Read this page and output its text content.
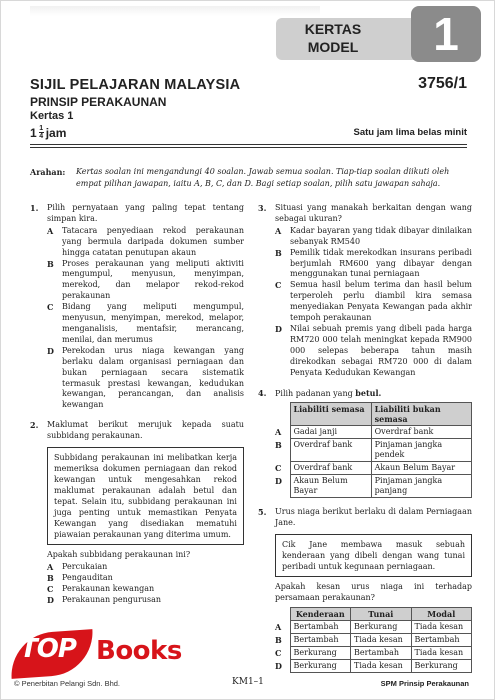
KERTAS
MODEL	1
SIJIL PELAJARAN MALAYSIA	3756/1
PRINSIP PERAKAUNAN
Kertas 1
$1 \frac{1}{4}$ jam	Satu jam lima belas minit
Arahan: Kertas soalan ini mengandungi 40 soalan. Jawab semua soalan. Tiap-tiap soalan diikuti oleh empat pilihan jawapan, iaitu A, B, C, dan D. Bagi setiap soalan, pilih satu jawapan sahaja.
1. Pilih pernyataan yang paling tepat tentang simpan kira.
A Tatacara penyediaan rekod perakaunan yang bermula daripada dokumen sumber hingga catatan penutupan akaun
B Proses perakaunan yang meliputi aktiviti mengumpul, menyusun, menyimpan, merekod, dan melapor rekod-rekod perakaunan
C Bidang yang meliputi mengumpul, menyusun, menyimpan, merekod, melapor, menganalisis, mentafsir, merancang, menilai, dan merumus
D Perekodan urus niaga kewangan yang berlaku dalam organisasi perniagaan dan bukan perniagaan secara sistematik termasuk prestasi kewangan, kedudukan kewangan, perancangan, dan analisis kewangan
2. Maklumat berikut merujuk kepada suatu subbidang perakaunan.
Subbidang perakaunan ini melibatkan kerja memeriksa dokumen perniagaan dan rekod kewangan untuk mengesahkan rekod maklumat perakaunan adalah betul dan tepat. Selain itu, subbidang perakaunan ini juga penting untuk memastikan Penyata Kewangan yang disediakan mematuhi piawaian perakaunan yang diterima umum.
Apakah subbidang perakaunan ini?
A Percukaian
B Pengauditan
C Perakaunan kewangan
D Perakaunan pengurusan
3. Situasi yang manakah berkaitan dengan wang sebagai ukuran?
A Kadar bayaran yang tidak dibayar dinilaikan sebanyak RM540
B Pemilik tidak merekodkan insurans peribadi berjumlah RM600 yang dibayar dengan menggunakan tunai perniagaan
C Semua hasil belum terima dan hasil belum terperoleh perlu diambil kira semasa menyediakan Penyata Kewangan pada akhir tempoh perakaunan
D Nilai sebuah premis yang dibeli pada harga RM720 000 telah meningkat kepada RM900 000 selepas beberapa tahun masih direkodkan sebagai RM720 000 di dalam Penyata Kedudukan Kewangan
4. Pilih padanan yang betul.
	Liabiliti semasa	Liabiliti bukan semasa
A	Gadai janji	Overdraf bank
B	Overdraf bank	Pinjaman jangka pendek
C	Overdraf bank	Akaun Belum Bayar
D	Akaun Belum Bayar	Pinjaman jangka panjang
5. Urus niaga berikut berlaku di dalam Perniagaan Jane.
Cik Jane membawa masuk sebuah kenderaan yang dibeli dengan wang tunai peribadi untuk kegunaan perniagaan.
Apakah kesan urus niaga ini terhadap persamaan perakaunan?
	Kenderaan	Tunai	Modal
A	Bertambah	Berkurang	Tiada kesan
B	Bertambah	Tiada kesan	Bertambah
C	Berkurang	Bertambah	Tiada kesan
D	Berkurang	Tiada kesan	Berkurang
TOP Books
© Penerbitan Pelangi Sdn. Bhd.	KM1–1	SPM Prinsip Perakaunan
